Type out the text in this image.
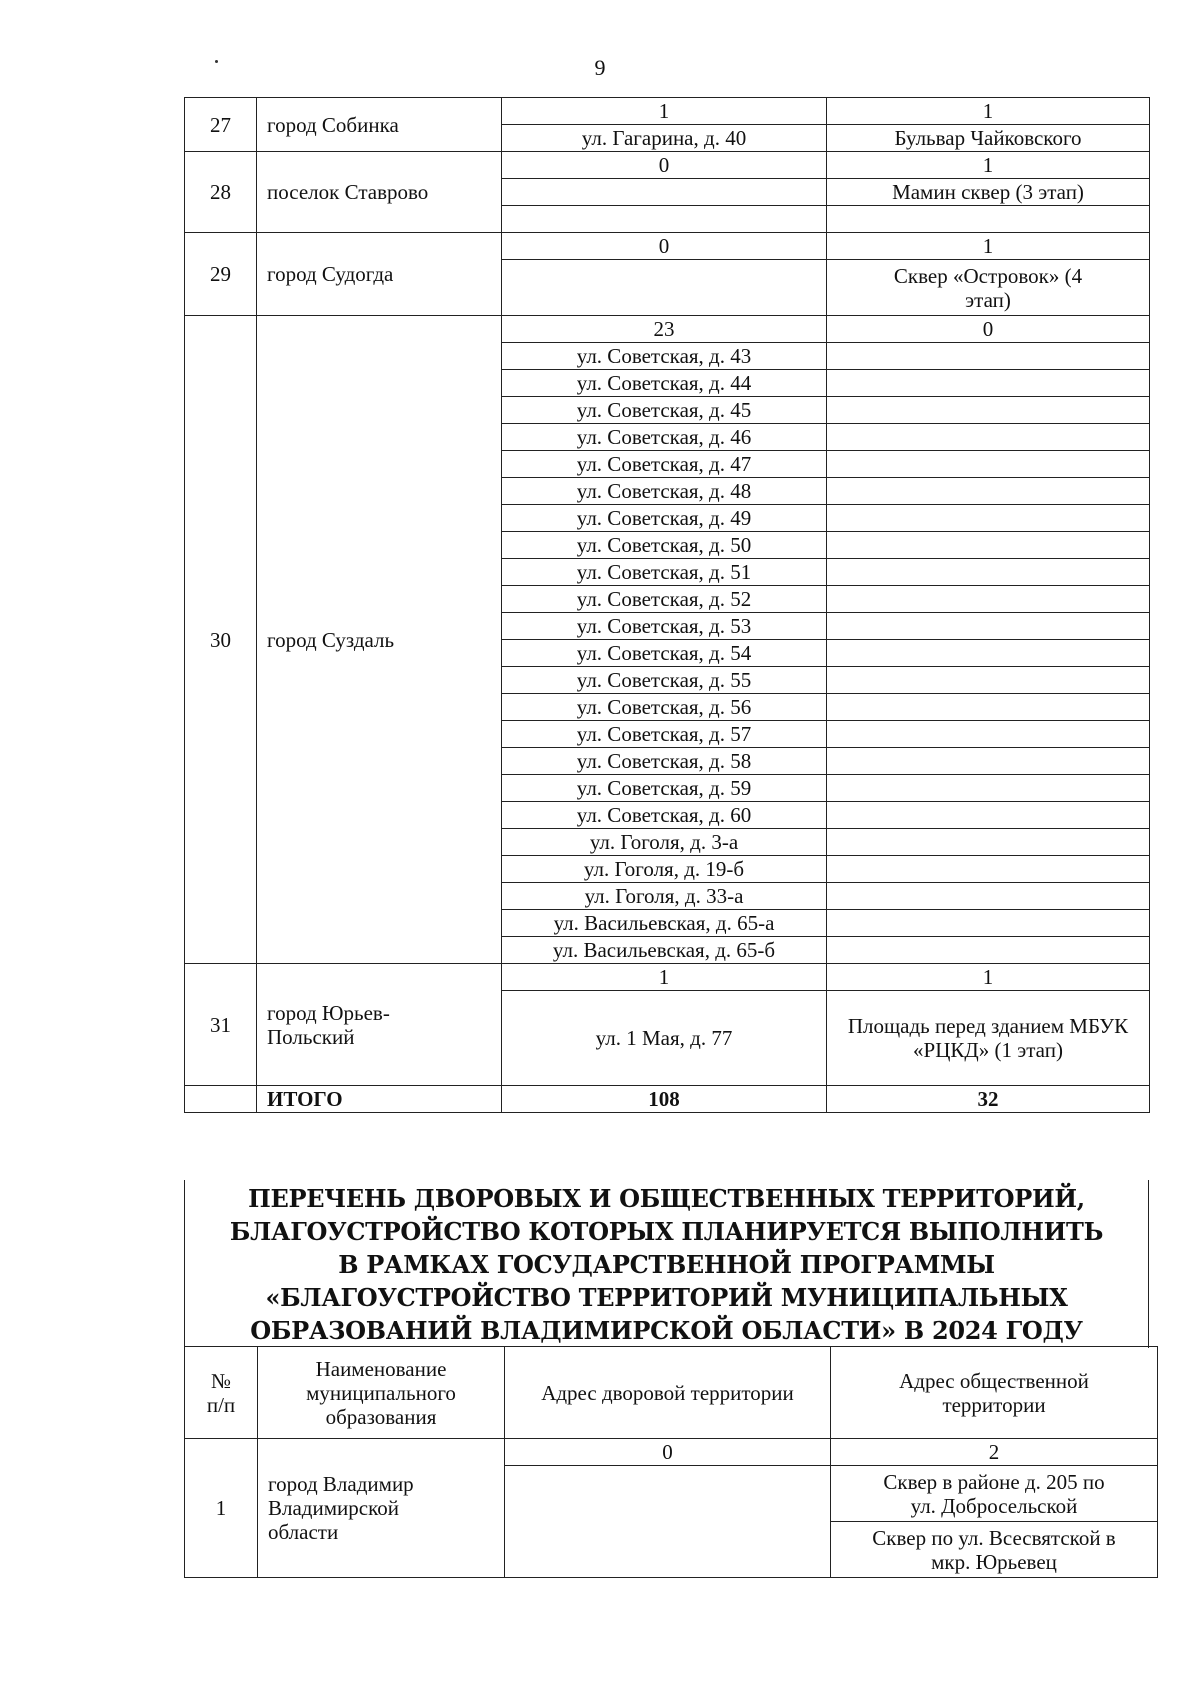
9
27	город Собинка	1	1
		ул. Гагарина, д. 40	Бульвар Чайковского
28	поселок Ставрово	0	1
			Мамин сквер (3 этап)

29	город Судогда	0	1
			Сквер «Островок» (4 этап)
30	город Суздаль	23	0
		ул. Советская, д. 43	
		ул. Советская, д. 44	
		ул. Советская, д. 45	
		ул. Советская, д. 46	
		ул. Советская, д. 47	
		ул. Советская, д. 48	
		ул. Советская, д. 49	
		ул. Советская, д. 50	
		ул. Советская, д. 51	
		ул. Советская, д. 52	
		ул. Советская, д. 53	
		ул. Советская, д. 54	
		ул. Советская, д. 55	
		ул. Советская, д. 56	
		ул. Советская, д. 57	
		ул. Советская, д. 58	
		ул. Советская, д. 59	
		ул. Советская, д. 60	
		ул. Гоголя, д. 3-а	
		ул. Гоголя, д. 19-б	
		ул. Гоголя, д. 33-а	
		ул. Васильевская, д. 65-а	
		ул. Васильевская, д. 65-б	
31	город Юрьев-Польский	1	1
		ул. 1 Мая, д. 77	Площадь перед зданием МБУК «РЦКД» (1 этап)
	ИТОГО	108	32
ПЕРЕЧЕНЬ ДВОРОВЫХ И ОБЩЕСТВЕННЫХ ТЕРРИТОРИЙ,
БЛАГОУСТРОЙСТВО КОТОРЫХ ПЛАНИРУЕТСЯ ВЫПОЛНИТЬ
В РАМКАХ ГОСУДАРСТВЕННОЙ ПРОГРАММЫ
«БЛАГОУСТРОЙСТВО ТЕРРИТОРИЙ МУНИЦИПАЛЬНЫХ
ОБРАЗОВАНИЙ ВЛАДИМИРСКОЙ ОБЛАСТИ» В 2024 ГОДУ
№ п/п	Наименование муниципального образования	Адрес дворовой территории	Адрес общественной территории
1	город Владимир Владимирской области	0	2
			Сквер в районе д. 205 по ул. Добросельской
			Сквер по ул. Всесвятской в мкр. Юрьевец
